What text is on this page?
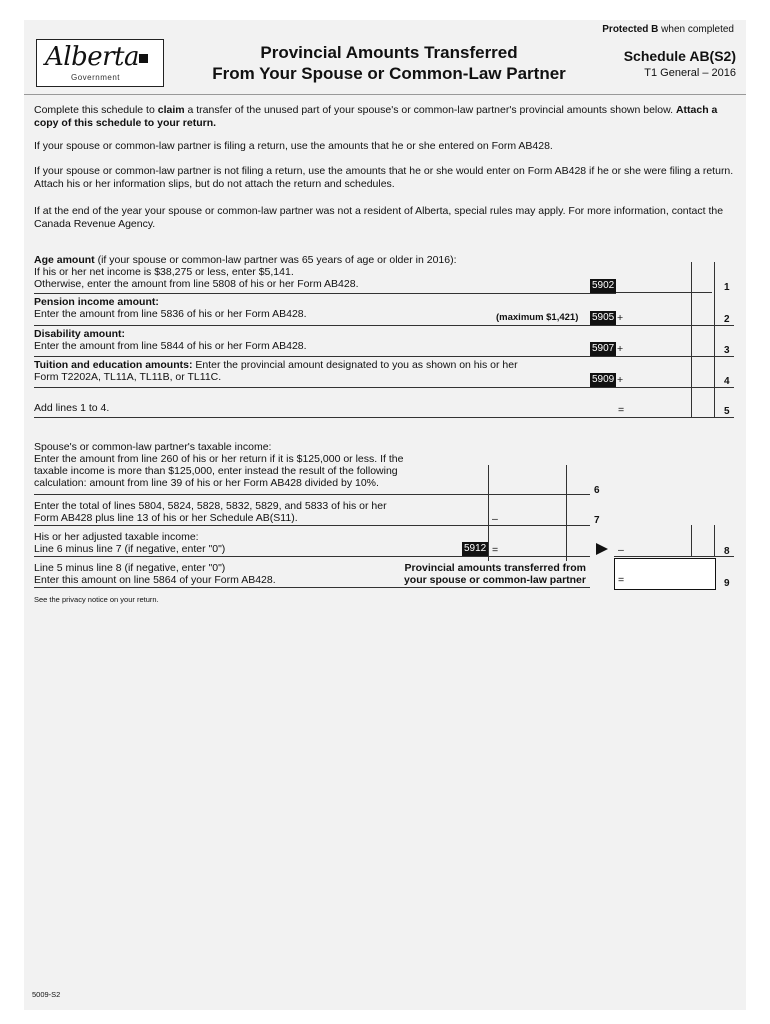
Protected B when completed
Alberta
Government
Provincial Amounts Transferred
From Your Spouse or Common-Law Partner
Schedule AB(S2)
T1 General – 2016
Complete this schedule to claim a transfer of the unused part of your spouse's or common-law partner's provincial amounts shown below. Attach a copy of this schedule to your return.
If your spouse or common-law partner is filing a return, use the amounts that he or she entered on Form AB428.
If your spouse or common-law partner is not filing a return, use the amounts that he or she would enter on Form AB428 if he or she were filing a return. Attach his or her information slips, but do not attach the return and schedules.
If at the end of the year your spouse or common-law partner was not a resident of Alberta, special rules may apply. For more information, contact the Canada Revenue Agency.
Age amount (if your spouse or common-law partner was 65 years of age or older in 2016):
If his or her net income is $38,275 or less, enter $5,141.
Otherwise, enter the amount from line 5808 of his or her Form AB428.	5902	1
Pension income amount:
Enter the amount from line 5836 of his or her Form AB428.	(maximum $1,421) 5905 +	2
Disability amount:
Enter the amount from line 5844 of his or her Form AB428.	5907 +	3
Tuition and education amounts: Enter the provincial amount designated to you as shown on his or her
Form T2202A, TL11A, TL11B, or TL11C.	5909 +	4
Add lines 1 to 4.	=	5
Spouse's or common-law partner's taxable income:
Enter the amount from line 260 of his or her return if it is $125,000 or less. If the
taxable income is more than $125,000, enter instead the result of the following
calculation: amount from line 39 of his or her Form AB428 divided by 10%.
6
Enter the total of lines 5804, 5824, 5828, 5832, 5829, and 5833 of his or her
Form AB428 plus line 13 of his or her Schedule AB(S11).	–	7
His or her adjusted taxable income:
Line 6 minus line 7 (if negative, enter "0")	5912 =	–	8
Line 5 minus line 8 (if negative, enter "0")
Enter this amount on line 5864 of your Form AB428.
Provincial amounts transferred from
your spouse or common-law partner	=	9
See the privacy notice on your return.
5009-S2
